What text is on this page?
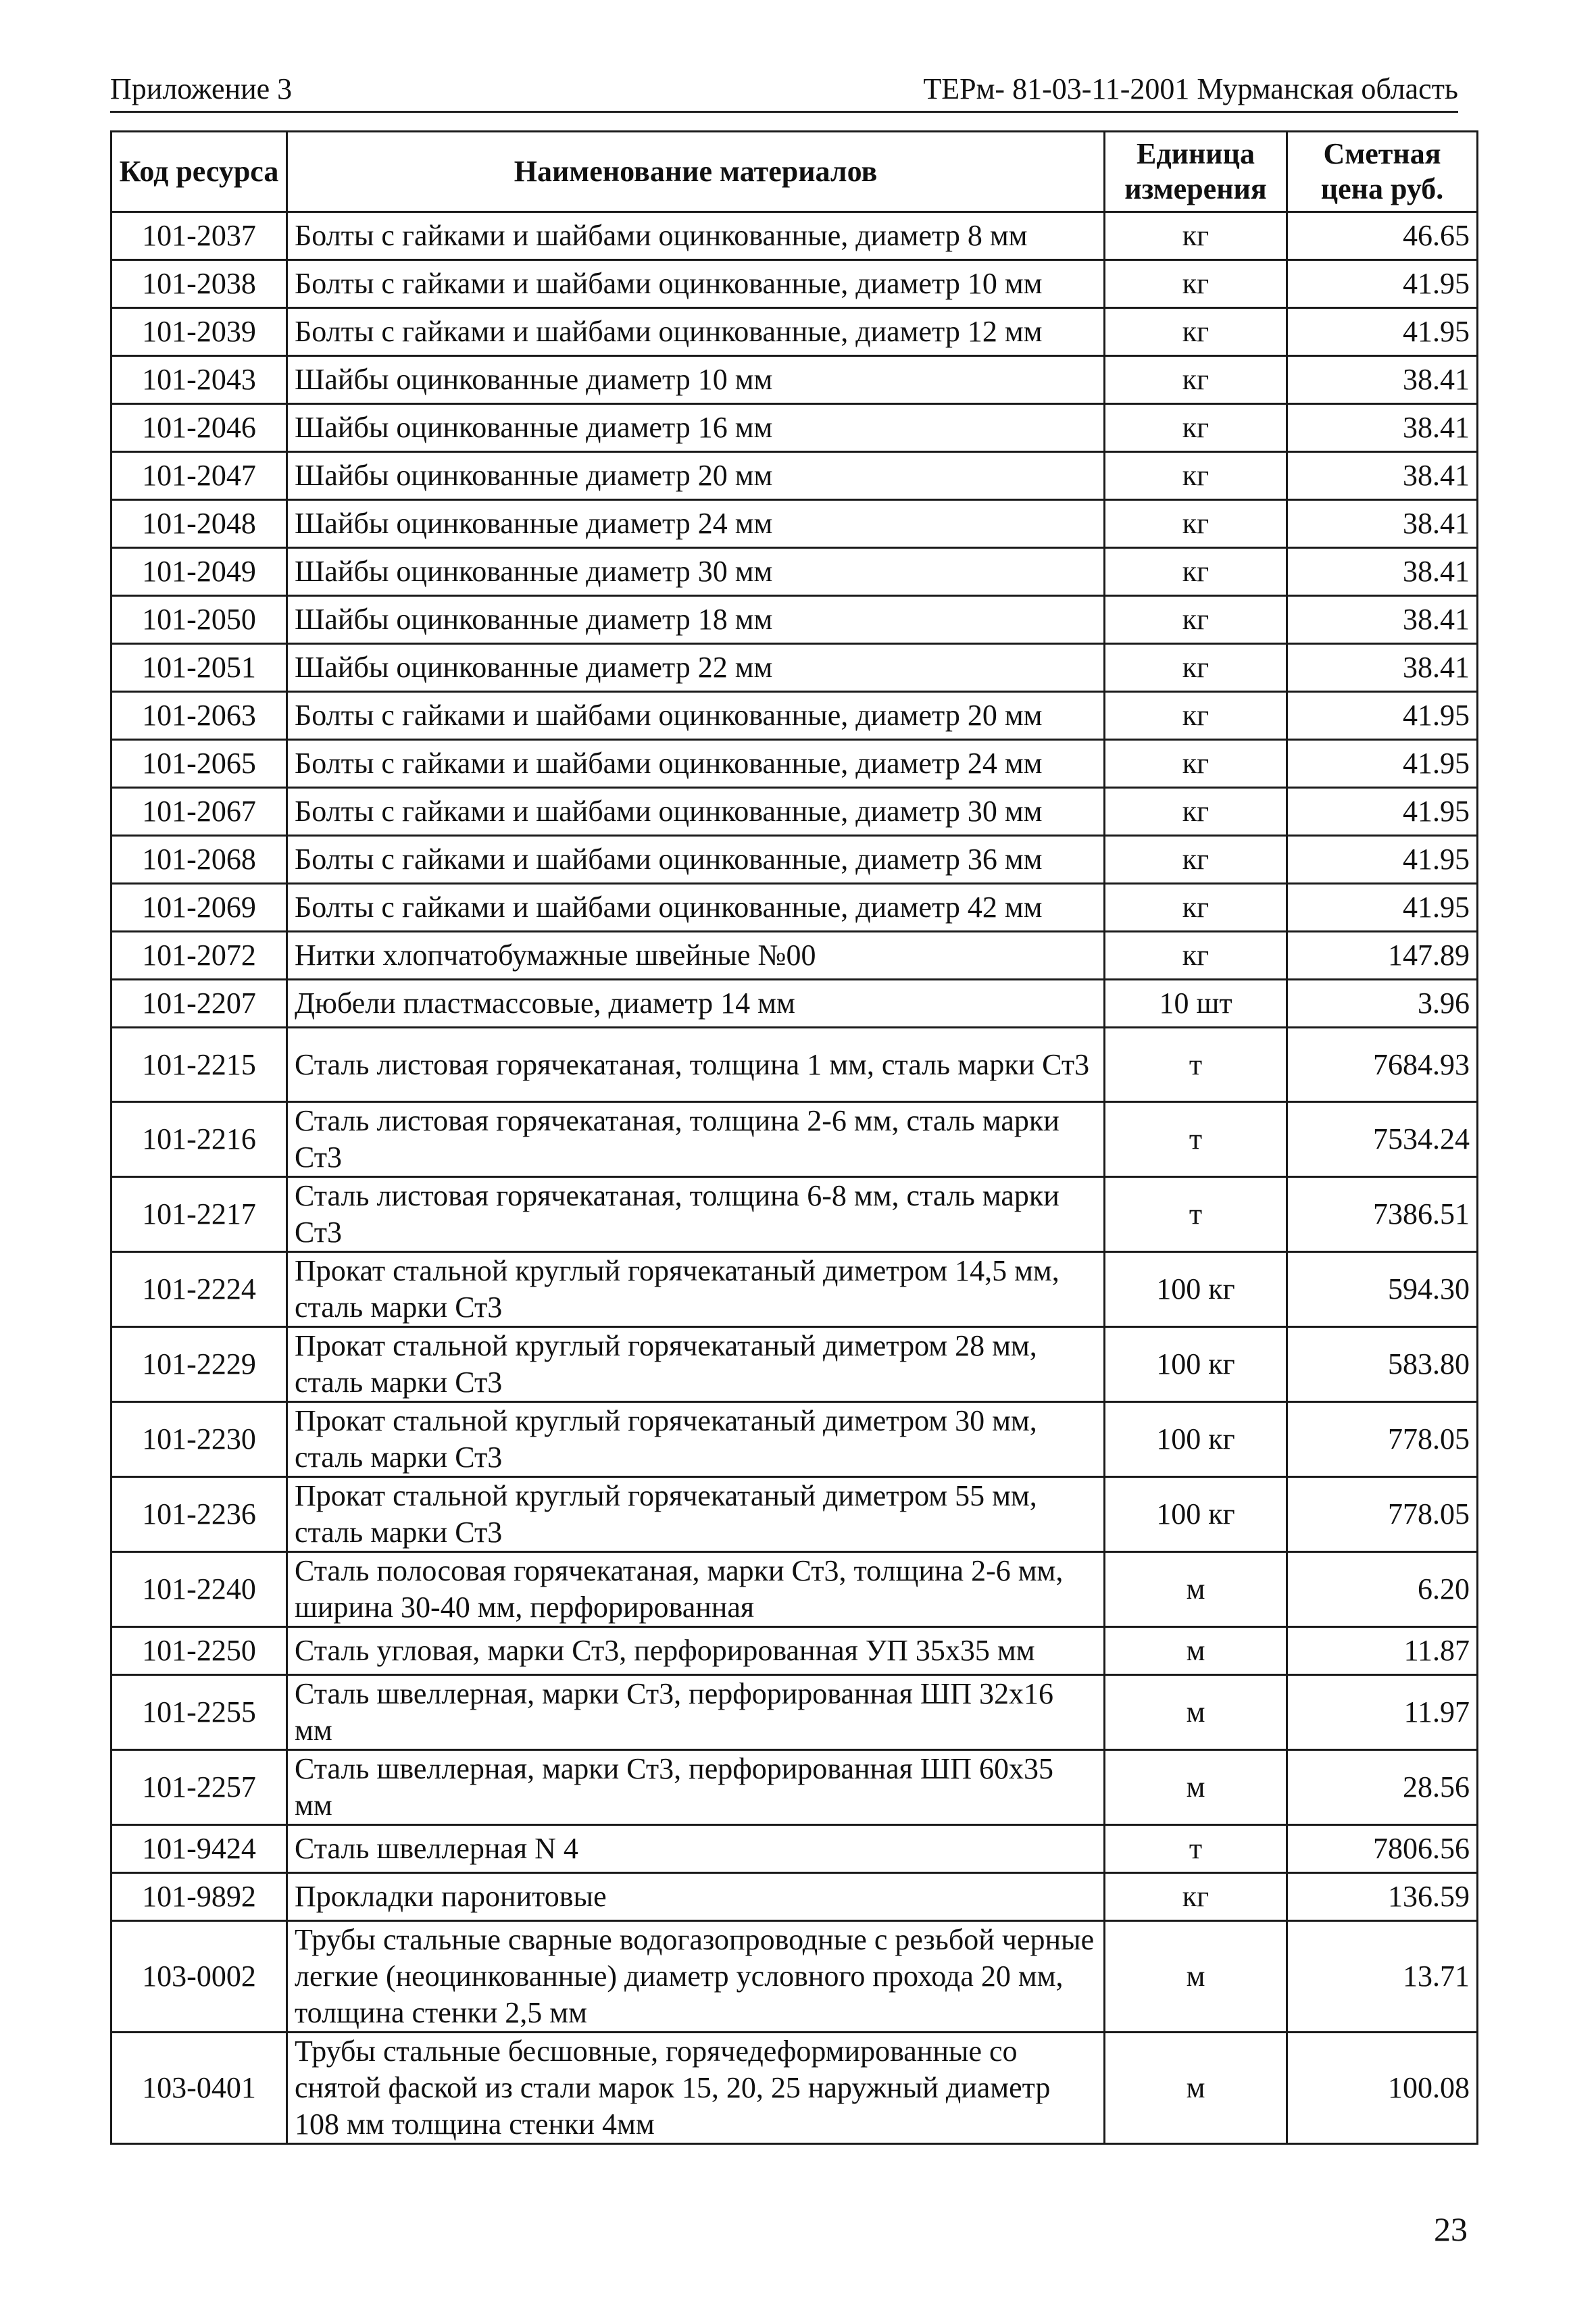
Приложение 3	ТЕРм- 81-03-11-2001 Мурманская область
Код ресурса	Наименование материалов	Единица измерения	Сметная цена руб.
101-2037	Болты с гайками и шайбами оцинкованные, диаметр 8 мм	кг	46.65
101-2038	Болты с гайками и шайбами оцинкованные, диаметр 10 мм	кг	41.95
101-2039	Болты с гайками и шайбами оцинкованные, диаметр 12 мм	кг	41.95
101-2043	Шайбы оцинкованные диаметр 10 мм	кг	38.41
101-2046	Шайбы оцинкованные диаметр 16 мм	кг	38.41
101-2047	Шайбы оцинкованные диаметр 20 мм	кг	38.41
101-2048	Шайбы оцинкованные диаметр 24 мм	кг	38.41
101-2049	Шайбы оцинкованные диаметр 30 мм	кг	38.41
101-2050	Шайбы оцинкованные диаметр 18 мм	кг	38.41
101-2051	Шайбы оцинкованные диаметр 22 мм	кг	38.41
101-2063	Болты с гайками и шайбами оцинкованные, диаметр 20 мм	кг	41.95
101-2065	Болты с гайками и шайбами оцинкованные, диаметр 24 мм	кг	41.95
101-2067	Болты с гайками и шайбами оцинкованные, диаметр 30 мм	кг	41.95
101-2068	Болты с гайками и шайбами оцинкованные, диаметр 36 мм	кг	41.95
101-2069	Болты с гайками и шайбами оцинкованные, диаметр 42 мм	кг	41.95
101-2072	Нитки хлопчатобумажные швейные №00	кг	147.89
101-2207	Дюбели пластмассовые, диаметр 14 мм	10 шт	3.96
101-2215	Сталь листовая горячекатаная, толщина 1 мм, сталь марки Ст3	т	7684.93
101-2216	Сталь листовая горячекатаная, толщина 2-6 мм, сталь марки Ст3	т	7534.24
101-2217	Сталь листовая горячекатаная, толщина 6-8 мм, сталь марки Ст3	т	7386.51
101-2224	Прокат стальной круглый горячекатаный диметром 14,5 мм, сталь марки Ст3	100 кг	594.30
101-2229	Прокат стальной круглый горячекатаный диметром 28 мм, сталь марки Ст3	100 кг	583.80
101-2230	Прокат стальной круглый горячекатаный диметром 30 мм, сталь марки Ст3	100 кг	778.05
101-2236	Прокат стальной круглый горячекатаный диметром 55 мм, сталь марки Ст3	100 кг	778.05
101-2240	Сталь полосовая горячекатаная, марки Ст3, толщина 2-6 мм, ширина 30-40 мм, перфорированная	м	6.20
101-2250	Сталь угловая, марки Ст3, перфорированная УП 35х35 мм	м	11.87
101-2255	Сталь швеллерная, марки Ст3, перфорированная ШП 32х16 мм	м	11.97
101-2257	Сталь швеллерная, марки Ст3, перфорированная ШП 60х35 мм	м	28.56
101-9424	Сталь швеллерная N 4	т	7806.56
101-9892	Прокладки паронитовые	кг	136.59
103-0002	Трубы стальные сварные водогазопроводные с резьбой черные легкие (неоцинкованные) диаметр условного прохода 20 мм, толщина стенки 2,5 мм	м	13.71
103-0401	Трубы стальные бесшовные, горячедеформированные со снятой фаской из стали марок 15, 20, 25 наружный диаметр 108 мм толщина стенки 4мм	м	100.08
23
